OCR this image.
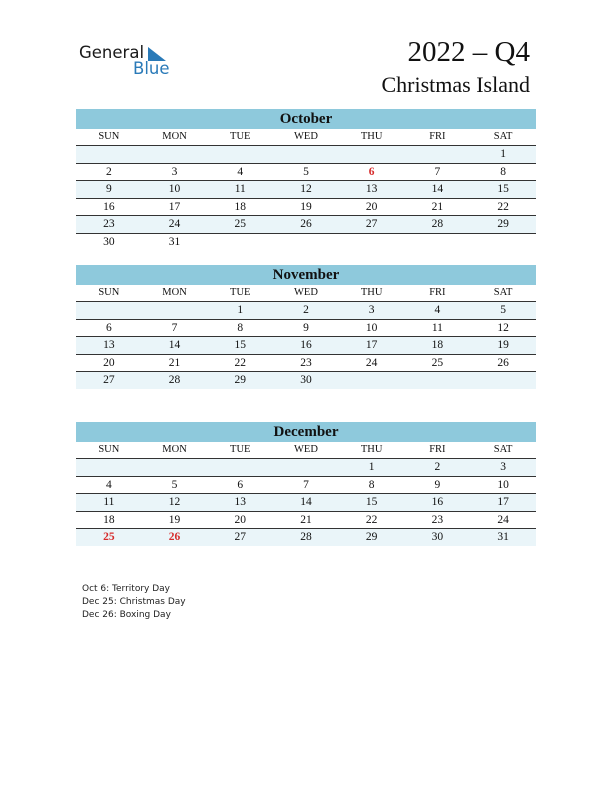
General
Blue
2022 – Q4
Christmas Island
October
SUN	MON	TUE	WED	THU	FRI	SAT
						1
2	3	4	5	6	7	8
9	10	11	12	13	14	15
16	17	18	19	20	21	22
23	24	25	26	27	28	29
30	31					
November
SUN	MON	TUE	WED	THU	FRI	SAT
		1	2	3	4	5
6	7	8	9	10	11	12
13	14	15	16	17	18	19
20	21	22	23	24	25	26
27	28	29	30			
December
SUN	MON	TUE	WED	THU	FRI	SAT
				1	2	3
4	5	6	7	8	9	10
11	12	13	14	15	16	17
18	19	20	21	22	23	24
25	26	27	28	29	30	31
Oct 6: Territory Day
Dec 25: Christmas Day
Dec 26: Boxing Day
